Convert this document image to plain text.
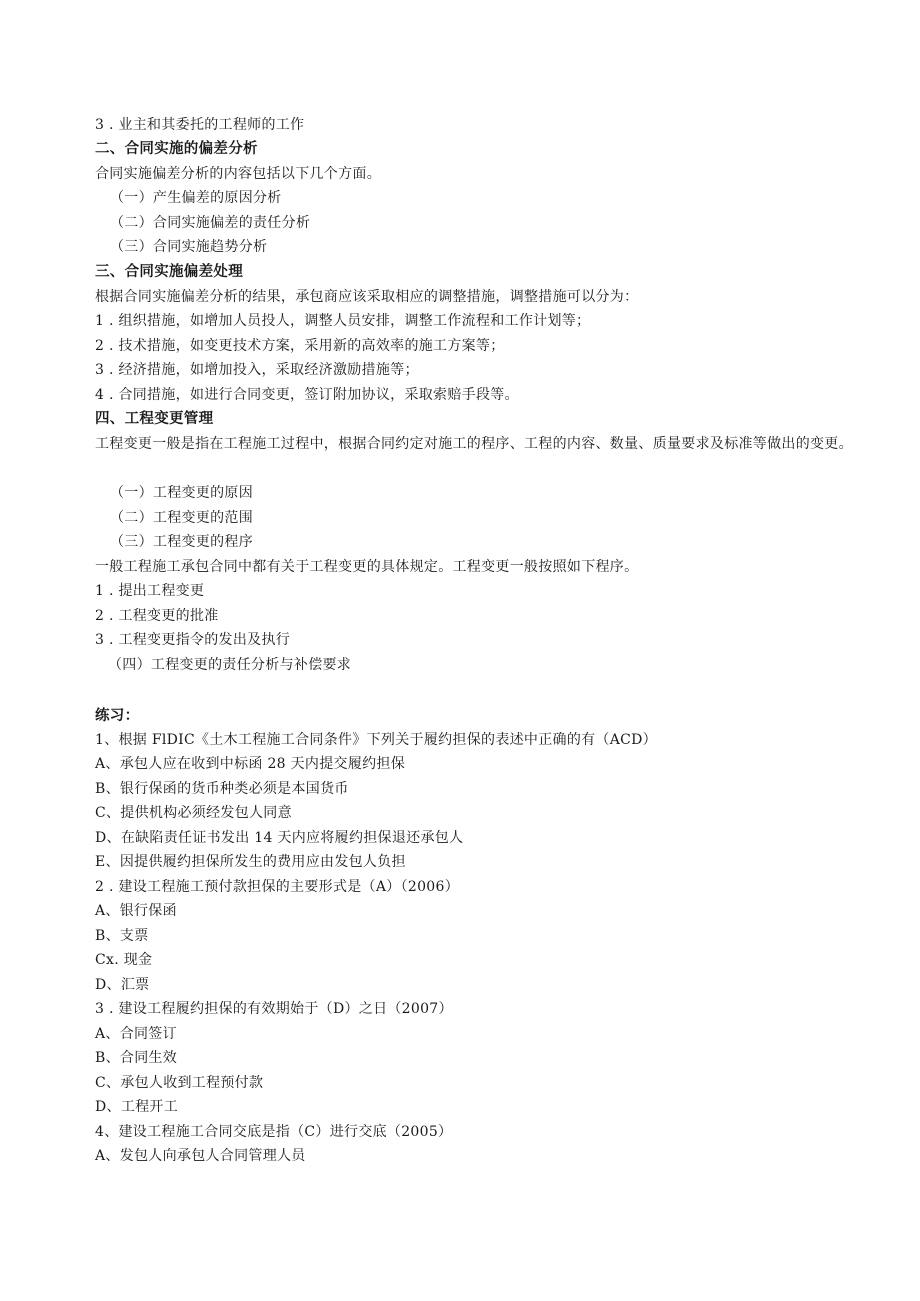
3 . 业主和其委托的工程师的工作
二、合同实施的偏差分析
合同实施偏差分析的内容包括以下几个方面。
（一）产生偏差的原因分析
（二）合同实施偏差的责任分析
（三）合同实施趋势分析
三、合同实施偏差处理
根据合同实施偏差分析的结果，承包商应该采取相应的调整措施，调整措施可以分为：
1 . 组织措施，如增加人员投人，调整人员安排，调整工作流程和工作计划等；
2 . 技术措施，如变更技术方案，采用新的高效率的施工方案等；
3 . 经济措施，如增加投入，采取经济激励措施等；
4 . 合同措施，如进行合同变更，签订附加协议，采取索赔手段等。
四、工程变更管理
工程变更一般是指在工程施工过程中，根据合同约定对施工的程序、工程的内容、数量、质量要求及标准等做出的变更。
（一）工程变更的原因
（二）工程变更的范围
（三）工程变更的程序
一般工程施工承包合同中都有关于工程变更的具体规定。工程变更一般按照如下程序。
1 . 提出工程变更
2 . 工程变更的批准
3 . 工程变更指令的发出及执行
（四）工程变更的责任分析与补偿要求
练习：
1、根据 FlDIC《土木工程施工合同条件》下列关于履约担保的表述中正确的有（ACD）
A、承包人应在收到中标函 28 天内提交履约担保
B、银行保函的货币种类必须是本国货币
C、提供机构必须经发包人同意
D、在缺陷责任证书发出 14 天内应将履约担保退还承包人
E、因提供履约担保所发生的费用应由发包人负担
2 . 建设工程施工预付款担保的主要形式是（A）（2006）
A、银行保函
B、支票
Cx. 现金
D、汇票
3 . 建设工程履约担保的有效期始于（D）之日（2007）
A、合同签订
B、合同生效
C、承包人收到工程预付款
D、工程开工
4、建设工程施工合同交底是指（C）进行交底（2005）
A、发包人向承包人合同管理人员
